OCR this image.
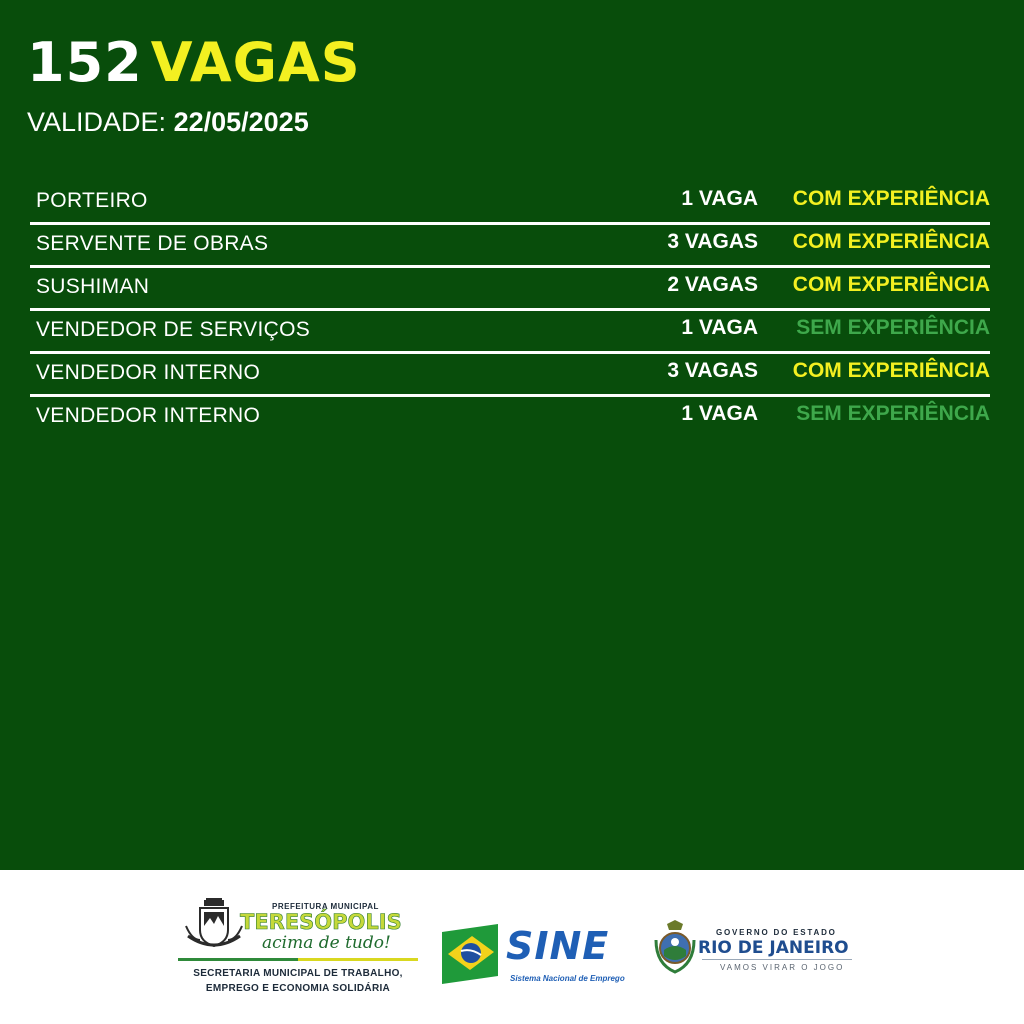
152 VAGAS
VALIDADE: 22/05/2025
PORTEIRO	1 VAGA COM EXPERIÊNCIA
SERVENTE DE OBRAS	3 VAGAS COM EXPERIÊNCIA
SUSHIMAN	2 VAGAS COM EXPERIÊNCIA
VENDEDOR DE SERVIÇOS	1 VAGA SEM EXPERIÊNCIA
VENDEDOR INTERNO	3 VAGAS COM EXPERIÊNCIA
VENDEDOR INTERNO	1 VAGA SEM EXPERIÊNCIA
PREFEITURA MUNICIPAL
TERESÓPOLIS
acima de tudo!
SECRETARIA MUNICIPAL DE TRABALHO,
EMPREGO E ECONOMIA SOLIDÁRIA
SINE
Sistema Nacional de Emprego
GOVERNO DO ESTADO
RIO DE JANEIRO
VAMOS VIRAR O JOGO
